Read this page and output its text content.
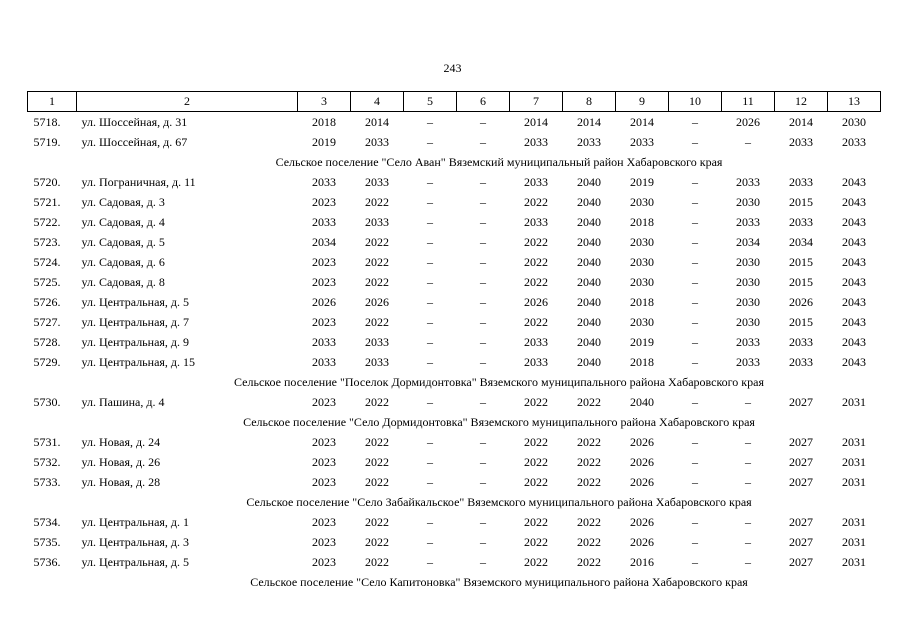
243
1	2	3	4	5	6	7	8	9	10	11	12	13
5718.	ул. Шоссейная, д. 31	2018	2014	–	–	2014	2014	2014	–	2026	2014	2030
5719.	ул. Шоссейная, д. 67	2019	2033	–	–	2033	2033	2033	–	–	2033	2033
Сельское поселение "Село Аван" Вяземский муниципальный район Хабаровского края												
5720.	ул. Пограничная, д. 11	2033	2033	–	–	2033	2040	2019	–	2033	2033	2043
5721.	ул. Садовая, д. 3	2023	2022	–	–	2022	2040	2030	–	2030	2015	2043
5722.	ул. Садовая, д. 4	2033	2033	–	–	2033	2040	2018	–	2033	2033	2043
5723.	ул. Садовая, д. 5	2034	2022	–	–	2022	2040	2030	–	2034	2034	2043
5724.	ул. Садовая, д. 6	2023	2022	–	–	2022	2040	2030	–	2030	2015	2043
5725.	ул. Садовая, д. 8	2023	2022	–	–	2022	2040	2030	–	2030	2015	2043
5726.	ул. Центральная, д. 5	2026	2026	–	–	2026	2040	2018	–	2030	2026	2043
5727.	ул. Центральная, д. 7	2023	2022	–	–	2022	2040	2030	–	2030	2015	2043
5728.	ул. Центральная, д. 9	2033	2033	–	–	2033	2040	2019	–	2033	2033	2043
5729.	ул. Центральная, д. 15	2033	2033	–	–	2033	2040	2018	–	2033	2033	2043
Сельское поселение "Поселок Дормидонтовка" Вяземского муниципального района Хабаровского края												
5730.	ул. Пашина, д. 4	2023	2022	–	–	2022	2022	2040	–	–	2027	2031
Сельское поселение "Село Дормидонтовка" Вяземского муниципального района Хабаровского края												
5731.	ул. Новая, д. 24	2023	2022	–	–	2022	2022	2026	–	–	2027	2031
5732.	ул. Новая, д. 26	2023	2022	–	–	2022	2022	2026	–	–	2027	2031
5733.	ул. Новая, д. 28	2023	2022	–	–	2022	2022	2026	–	–	2027	2031
Сельское поселение "Село Забайкальское" Вяземского муниципального района Хабаровского края												
5734.	ул. Центральная, д. 1	2023	2022	–	–	2022	2022	2026	–	–	2027	2031
5735.	ул. Центральная, д. 3	2023	2022	–	–	2022	2022	2026	–	–	2027	2031
5736.	ул. Центральная, д. 5	2023	2022	–	–	2022	2022	2016	–	–	2027	2031
Сельское поселение "Село Капитоновка" Вяземского муниципального района Хабаровского края												
